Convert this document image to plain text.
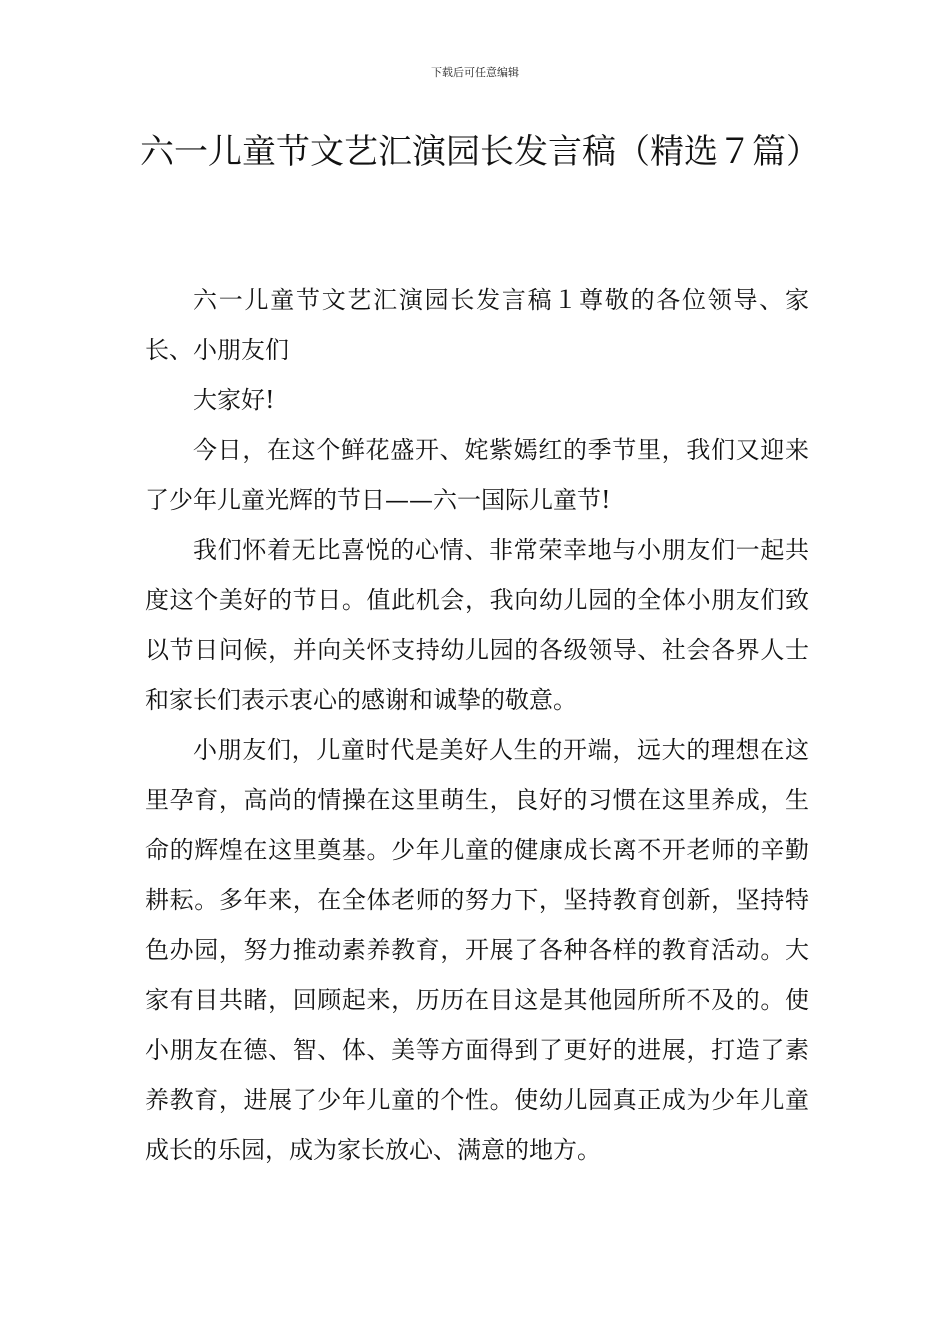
下载后可任意编辑
六一儿童节文艺汇演园长发言稿（精选７篇）

六一儿童节文艺汇演园长发言稿１尊敬的各位领导、家长、小朋友们

大家好!

今日，在这个鲜花盛开、姹紫嫣红的季节里，我们又迎来了少年儿童光辉的节日——六一国际儿童节!

我们怀着无比喜悦的心情、非常荣幸地与小朋友们一起共度这个美好的节日。值此机会，我向幼儿园的全体小朋友们致以节日问候，并向关怀支持幼儿园的各级领导、社会各界人士和家长们表示衷心的感谢和诚挚的敬意。

小朋友们，儿童时代是美好人生的开端，远大的理想在这里孕育，高尚的情操在这里萌生，良好的习惯在这里养成，生命的辉煌在这里奠基。少年儿童的健康成长离不开老师的辛勤耕耘。多年来，在全体老师的努力下，坚持教育创新，坚持特色办园，努力推动素养教育，开展了各种各样的教育活动。大家有目共睹，回顾起来，历历在目这是其他园所所不及的。使小朋友在德、智、体、美等方面得到了更好的进展，打造了素养教育，进展了少年儿童的个性。使幼儿园真正成为少年儿童成长的乐园，成为家长放心、满意的地方。
